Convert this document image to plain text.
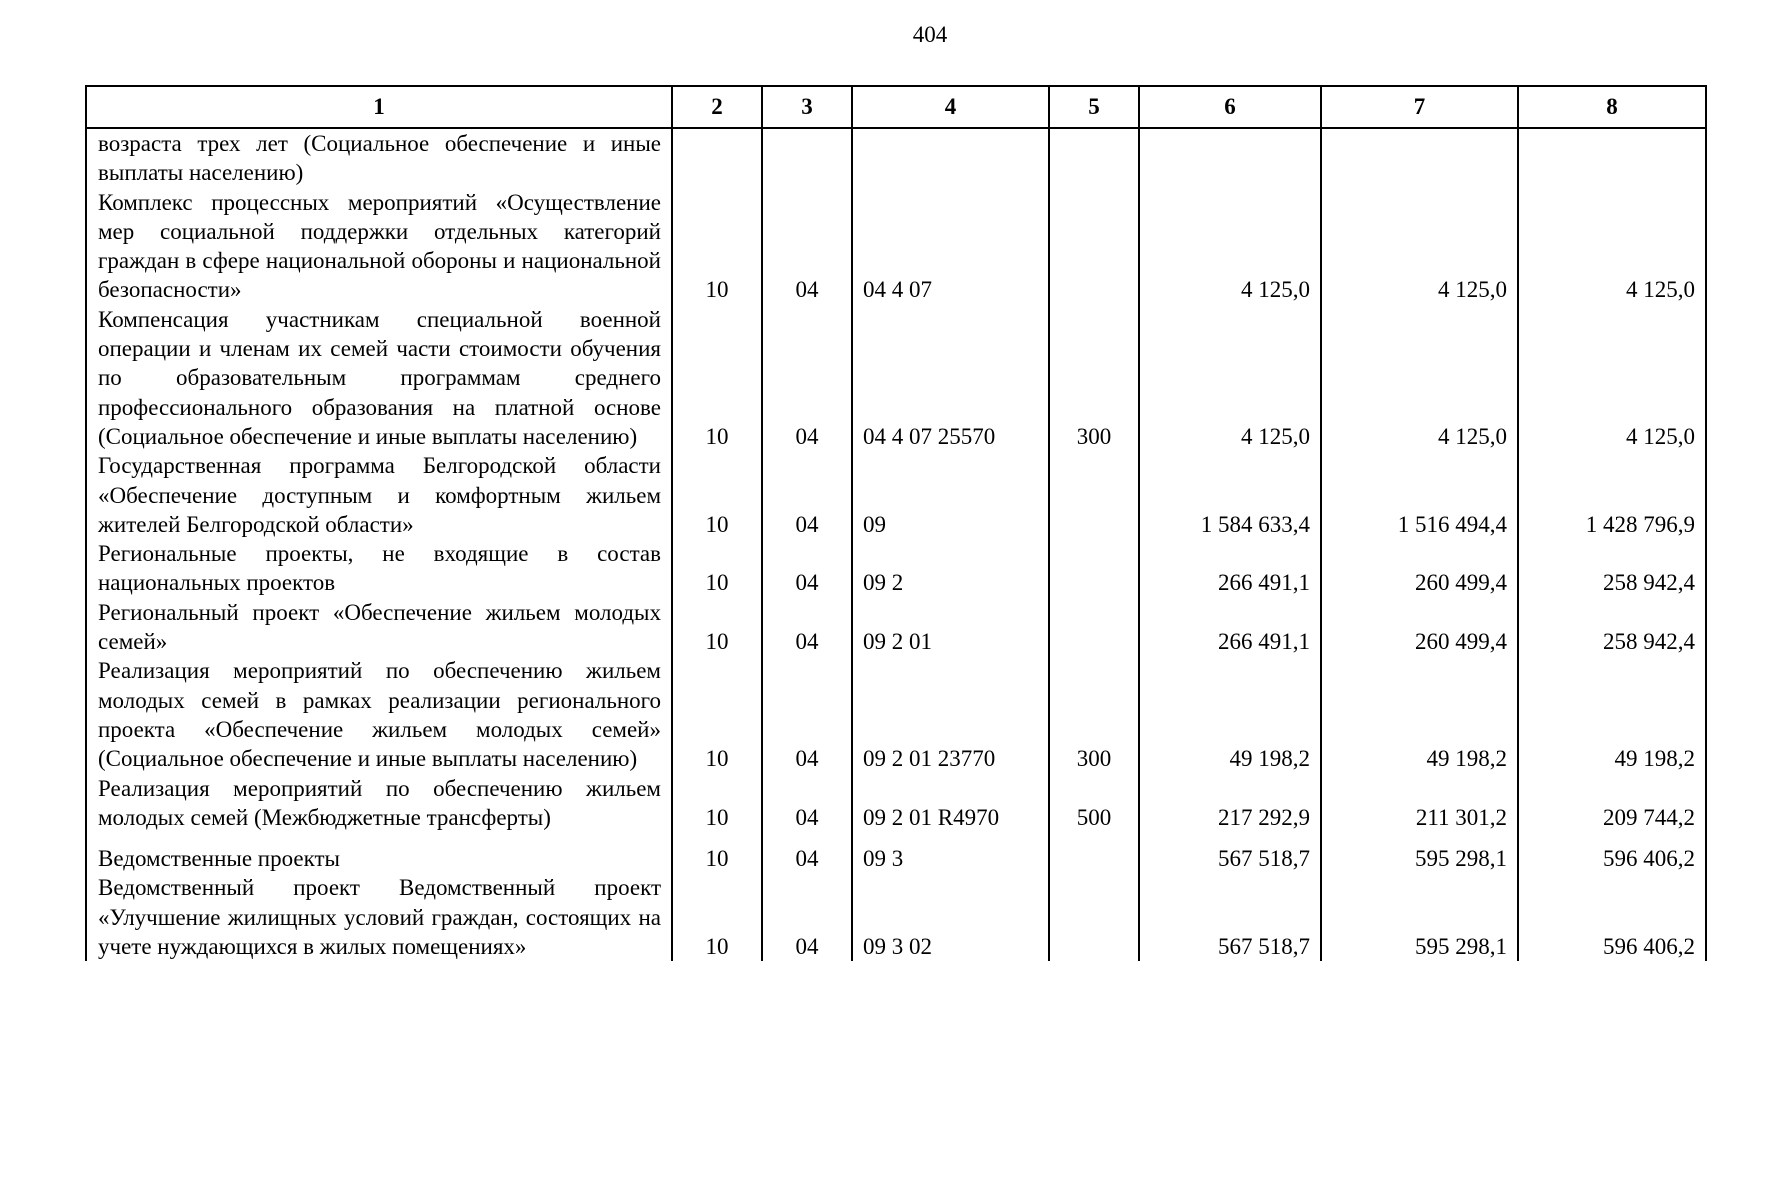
404
1	2	3	4	5	6	7	8
возраста трех лет (Социальное обеспечение и иные выплаты населению)							
Комплекс процессных мероприятий «Осуществление мер социальной поддержки отдельных категорий граждан в сфере национальной обороны и национальной безопасности»	10	04	04 4 07		4 125,0	4 125,0	4 125,0
Компенсация участникам специальной военной операции и членам их семей части стоимости обучения по образовательным программам среднего профессионального образования на платной основе (Социальное обеспечение и иные выплаты населению)	10	04	04 4 07 25570	300	4 125,0	4 125,0	4 125,0
Государственная программа Белгородской области «Обеспечение доступным и комфортным жильем жителей Белгородской области»	10	04	09		1 584 633,4	1 516 494,4	1 428 796,9
Региональные проекты, не входящие в состав национальных проектов	10	04	09 2		266 491,1	260 499,4	258 942,4
Региональный проект «Обеспечение жильем молодых семей»	10	04	09 2 01		266 491,1	260 499,4	258 942,4
Реализация мероприятий по обеспечению жильем молодых семей в рамках реализации регионального проекта «Обеспечение жильем молодых семей» (Социальное обеспечение и иные выплаты населению)	10	04	09 2 01 23770	300	49 198,2	49 198,2	49 198,2
Реализация мероприятий по обеспечению жильем молодых семей (Межбюджетные трансферты)	10	04	09 2 01 R4970	500	217 292,9	211 301,2	209 744,2
Ведомственные проекты	10	04	09 3		567 518,7	595 298,1	596 406,2
Ведомственный проект Ведомственный проект «Улучшение жилищных условий граждан, состоящих на учете нуждающихся в жилых помещениях»	10	04	09 3 02		567 518,7	595 298,1	596 406,2
